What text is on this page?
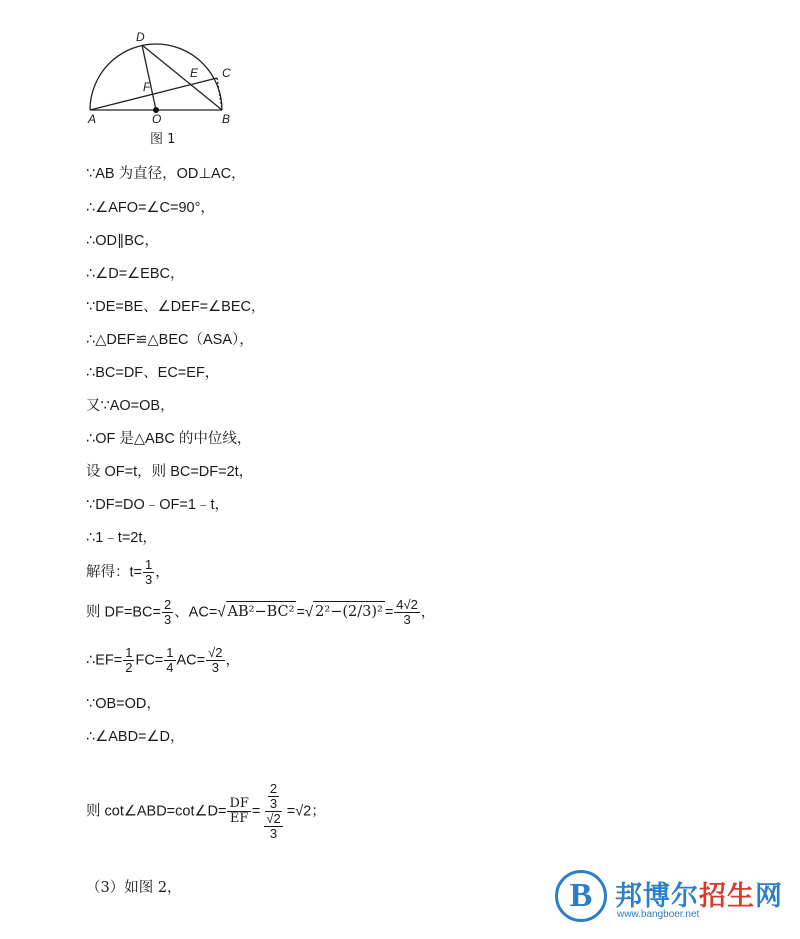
D
E C
F
A	O	B
图 1
∵AB 为直径，OD⊥AC，
∴∠AFO=∠C=90°，
∴OD∥BC，
∴∠D=∠EBC，
∵DE=BE、∠DEF=∠BEC，
∴△DEF≌△BEC（ASA），
∴BC=DF、EC=EF，
又∵AO=OB，
∴OF 是△ABC 的中位线，
设 OF=t，则 BC=DF=2t，
∵DF=DO﹣OF=1﹣t，
∴1﹣t=2t，
解得：$t= \frac{1}{3}$ ，
则 $DF=BC= \frac{2}{3}$ 、AC=√ AB²−BC² =√ $2^2-(2/3)^2 = \frac{4√2}{3}$ ，
∴EF= $\frac{1}{2} FC= \frac{1}{4} AC= \frac{√2}{3}$ ，
∵OB=OD，
∴∠ABD=∠D，
则 cot∠ABD=cot∠D= $\frac{DF}{EF} = \frac{\frac{2}{3}}{\frac{√2}{3}} =√2$；
（3）如图 2，	B 邦博尔招生网
www.bangboer.net
